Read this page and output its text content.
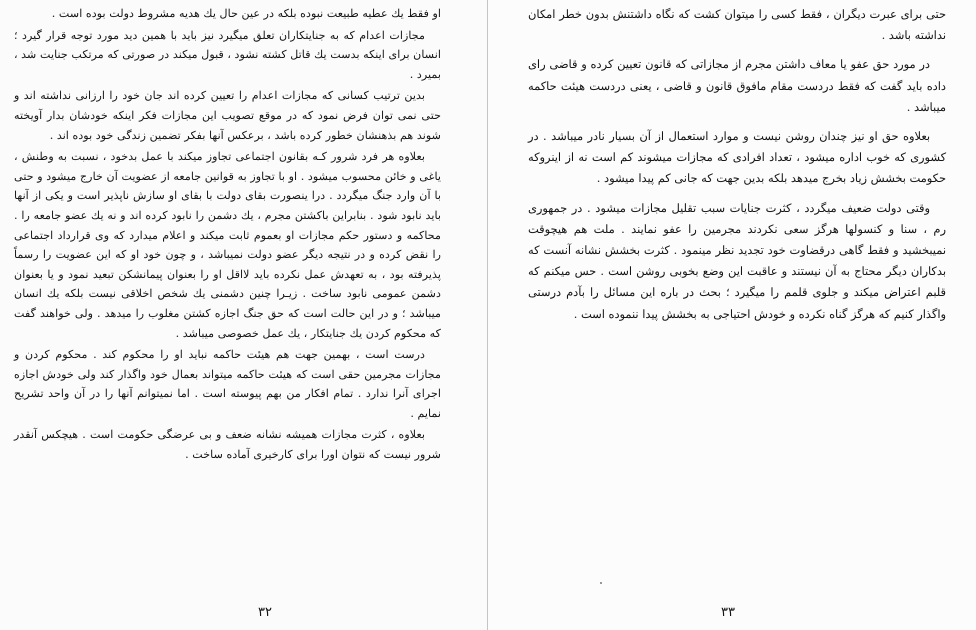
او فقط یك عطیه طبیعت نبوده بلكه در عین حال یك هدیه مشروط دولت بوده است .

مجازات اعدام که به جنایتکاران تعلق میگیرد نیز باید با همین دید مورد توجه قرار گیرد ؛ انسان برای اینکه بدست یك قاتل کشته نشود ، قبول میکند در صورتی که مرتکب جنایت شد ، بمیرد .

بدین ترتیب کسانی که مجازات اعدام را تعیین کرده اند جان خود را ارزانی نداشته اند و حتی نمی توان فرض نمود که در موقع تصویب این مجازات فکر اینکه خودشان بدار آویخته شوند هم بذهنشان خطور کرده باشد ، برعکس آنها بفکر تضمین زندگی خود بوده اند .

بعلاوه هر فرد شرور کـه بقانون اجتماعی تجاوز میکند با عمل بدخود ، نسبت به وطنش ، یاغی و خائن محسوب میشود . او با تجاوز به قوانین جامعه از عضویت آن خارج میشود و حتی با آن وارد جنگ میگردد . درا ینصورت بقای دولت با بقای او سازش ناپذیر است و یکی از آنها باید نابود شود . بنابراین باکشتن مجرم ، یك دشمن را نابود کرده اند و نه یك عضو جامعه را . محاکمه و دستور حکم مجازات او بعموم ثابت میکند و اعلام میدارد که وی قرارداد اجتماعی را نقض کرده و در نتیجه دیگر عضو دولت نمیباشد ، و چون خود او که این عضویت را رسماً پذیرفته بود ، به تعهدش عمل نکرده باید لااقل او را بعنوان پیمانشکن تبعید نمود و یا بعنوان دشمن عمومی نابود ساخت . زیـرا چنین دشمنی یك شخص اخلاقی نیست بلکه یك انسان میباشد ؛ و در این حالت است که حق جنگ اجازه کشتن مغلوب را میدهد . ولی خواهند گفت که محکوم کردن یك جنایتکار ، یك عمل خصوصی میباشد .

درست است ، بهمین جهت هم هیئت حاکمه نباید او را محکوم کند . محکوم کردن و مجازات مجرمین حقی است که هیئت حاکمه میتواند بعمال خود واگذار کند ولی خودش اجازه اجرای آنرا ندارد . تمام افکار من بهم پیوسته است . اما نمیتوانم آنها را در آن واحد تشریح نمایم .

بعلاوه ، کثرت مجازات همیشه نشانه ضعف و بی عرضگی حکومت است . هیچکس آنقدر شرور نیست که نتوان اورا برای کارخیری آماده ساخت .

۳۲

حتی برای عبرت دیگران ، فقط کسی را میتوان کشت که نگاه داشتنش بدون خطر امکان نداشته باشد .

در مورد حق عفو یا معاف داشتن مجرم از مجازاتی که قانون تعیین کرده و قاضی رای داده باید گفت که فقط دردست مقام مافوق قانون و قاضی ، یعنی دردست هیئت حاکمه میباشد .

بعلاوه حق او نیز چندان روشن نیست و موارد استعمال از آن بسیار نادر میباشد . در کشوری که خوب اداره میشود ، تعداد افرادی که مجازات میشوند کم است نه از اینروکه حکومت بخشش زیاد بخرج میدهد بلکه بدین جهت که جانی کم پیدا میشود .

وقتی دولت ضعیف میگردد ، کثرت جنایات سبب تقلیل مجازات میشود . در جمهوری رم ، سنا و کنسولها هرگز سعی نکردند مجرمین را عفو نمایند . ملت هم هیچوقت نمیبخشید و فقط گاهی درقضاوت خود تجدید نظر مینمود . کثرت بخشش نشانه آنست که بدکاران دیگر محتاج به آن نیستند و عاقبت این وضع بخوبی روشن است . حس میکنم که قلبم اعتراض میکند و جلوی قلمم را میگیرد ؛ بحث در باره این مسائل را بآدم درستی واگذار کنیم که هرگز گناه نکرده و خودش احتیاجی به بخشش پیدا ننموده است .

۳۳
